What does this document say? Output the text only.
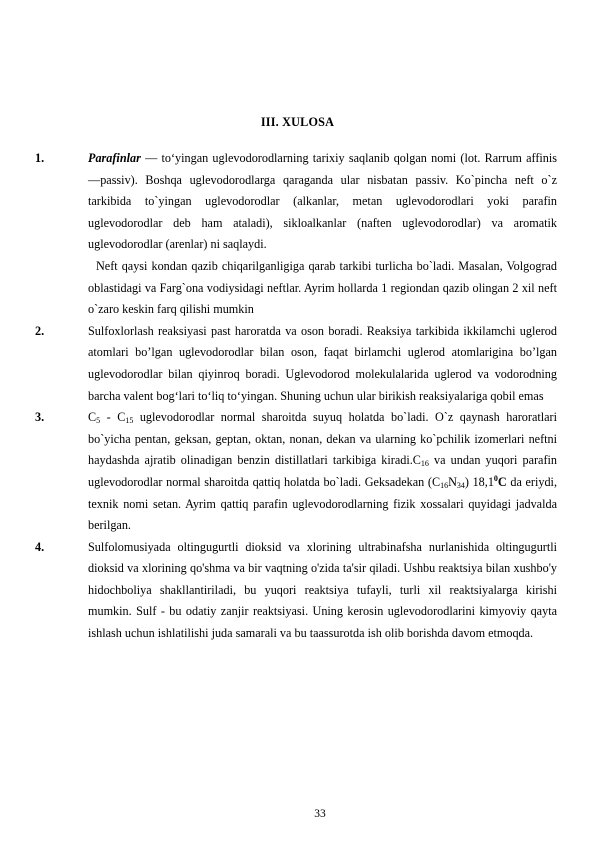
III. XULOSA
1.	Parafinlar — to‘yingan uglevodorodlarning tarixiy saqlanib qolgan nomi (lot. Rarrum affinis—passiv). Boshqa uglevodorodlarga qaraganda ular nisbatan passiv. Ko`pincha neft o`z tarkibida to`yingan uglevodorodlar (alkanlar, metan uglevodorodlari yoki parafin uglevodorodlar deb ham ataladi), sikloalkanlar (naften uglevodorodlar) va aromatik uglevodorodlar (arenlar) ni saqlaydi.

Neft qaysi kondan qazib chiqarilganligiga qarab tarkibi turlicha bo`ladi. Masalan, Volgograd oblastidagi va Farg`ona vodiysidagi neftlar. Ayrim hollarda 1 regiondan qazib olingan 2 xil neft o`zaro keskin farq qilishi mumkin

2.	Sulfoxlorlash reaksiyasi past haroratda va oson boradi. Reaksiya tarkibida ikkilamchi uglerod atomlari bo’lgan uglevodorodlar bilan oson, faqat birlamchi uglerod atomlarigina bo’lgan uglevodorodlar bilan qiyinroq boradi. Uglevodorod molekulalarida uglerod va vodorodning barcha valent bog‘lari to‘liq to‘yingan. Shuning uchun ular birikish reaksiyalariga qobil emas

3.	$C_5 - C_{15}$ uglevodorodlar normal sharoitda suyuq holatda bo`ladi. O`z qaynash haroratlari bo`yicha pentan, geksan, geptan, oktan, nonan, dekan va ularning ko`pchilik izomerlari neftni haydashda ajratib olinadigan benzin distillatlari tarkibiga $kiradi.C_{16}$ va undan yuqori parafin uglevodorodlar normal sharoitda qattiq holatda bo`ladi. Geksadekan $(C_{16}N_{34})$ 18,1$^0$C da eriydi, texnik nomi setan. Ayrim qattiq parafin uglevodorodlarning fizik xossalari quyidagi jadvalda berilgan.

4.	Sulfolomusiyada oltingugurtli dioksid va xlorining ultrabinafsha nurlanishida oltingugurtli dioksid va xlorining qo'shma va bir vaqtning o'zida ta'sir qiladi. Ushbu reaktsiya bilan xushbo'y hidochboliya shakllantiriladi, bu yuqori reaktsiya tufayli, turli xil reaktsiyalarga kirishi mumkin. Sulf - bu odatiy zanjir reaktsiyasi. Uning kerosin uglevodorodlarini kimyoviy qayta ishlash uchun ishlatilishi juda samarali va bu taassurotda ish olib borishda davom etmoqda.

33
